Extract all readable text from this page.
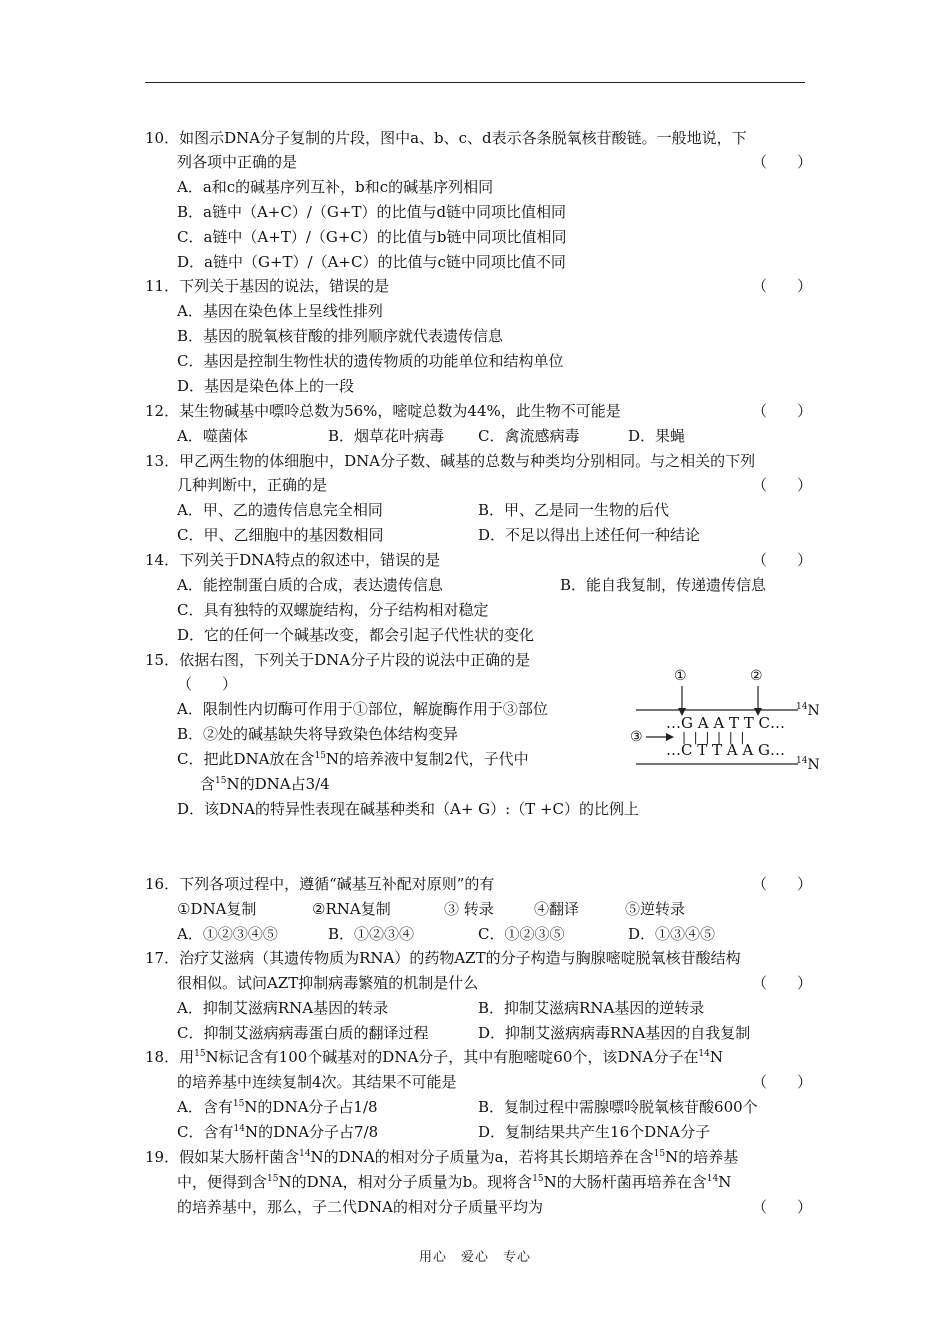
10．如图示DNA分子复制的片段，图中a、b、c、d表示各条脱氧核苷酸链。一般地说，下
列各项中正确的是	（　　）
A．a和c的碱基序列互补，b和c的碱基序列相同
B．a链中（A+C）/（G+T）的比值与d链中同项比值相同
C．a链中（A+T）/（G+C）的比值与b链中同项比值相同
D．a链中（G+T）/（A+C）的比值与c链中同项比值不同
11．下列关于基因的说法，错误的是	（　　）
A．基因在染色体上呈线性排列
B．基因的脱氧核苷酸的排列顺序就代表遗传信息
C．基因是控制生物性状的遗传物质的功能单位和结构单位
D．基因是染色体上的一段
12．某生物碱基中嘌呤总数为56%，嘧啶总数为44%，此生物不可能是	（　　）
A．噬菌体	B．烟草花叶病毒 C．禽流感病毒	D．果蝇
13．甲乙两生物的体细胞中，DNA分子数、碱基的总数与种类均分别相同。与之相关的下列
几种判断中，正确的是	（　　）
A．甲、乙的遗传信息完全相同	B．甲、乙是同一生物的后代
C．甲、乙细胞中的基因数相同	D．不足以得出上述任何一种结论
14．下列关于DNA特点的叙述中，错误的是	（　　）
A．能控制蛋白质的合成，表达遗传信息	B．能自我复制，传递遗传信息
C．具有独特的双螺旋结构，分子结构相对稳定
D．它的任何一个碱基改变，都会引起子代性状的变化
15．依据右图，下列关于DNA分子片段的说法中正确的是
（　　）
A．限制性内切酶可作用于①部位，解旋酶作用于③部位
B．②处的碱基缺失将导致染色体结构变异
C．把此DNA放在含$^{15}$N的培养液中复制2代，子代中
含$^{15}$N的DNA占3/4
D．该DNA的特异性表现在碱基种类和（A+ G）:（T +C）的比例上
①	②
③
…G A A T T C…
|  |  |  |  |  |
…C T T A A G…
$^{14}$N
$^{14}$N
16．下列各项过程中，遵循“碱基互补配对原则”的有	（　　）
①DNA复制	②RNA复制	③ 转录	④翻译	⑤逆转录
A．①②③④⑤	B．①②③④	C．①②③⑤	D．①③④⑤
17．治疗艾滋病（其遗传物质为RNA）的药物AZT的分子构造与胸腺嘧啶脱氧核苷酸结构
很相似。试问AZT抑制病毒繁殖的机制是什么	（　　）
A．抑制艾滋病RNA基因的转录	B．抑制艾滋病RNA基因的逆转录
C．抑制艾滋病病毒蛋白质的翻译过程	D．抑制艾滋病病毒RNA基因的自我复制
18．用$^{15}$N标记含有100个碱基对的DNA分子，其中有胞嘧啶60个，该DNA分子在$^{14}$N
的培养基中连续复制4次。其结果不可能是	（　　）
A．含有$^{15}$N的DNA分子占1/8	B．复制过程中需腺嘌呤脱氧核苷酸600个
C．含有$^{14}$N的DNA分子占7/8	D．复制结果共产生16个DNA分子
19．假如某大肠杆菌含$^{14}$N的DNA的相对分子质量为a，若将其长期培养在含$^{15}$N的培养基
中，便得到含$^{15}$N的DNA，相对分子质量为b。现将含$^{15}$N的大肠杆菌再培养在含$^{14}$N
的培养基中，那么，子二代DNA的相对分子质量平均为	（　　）
用心　爱心　专心
